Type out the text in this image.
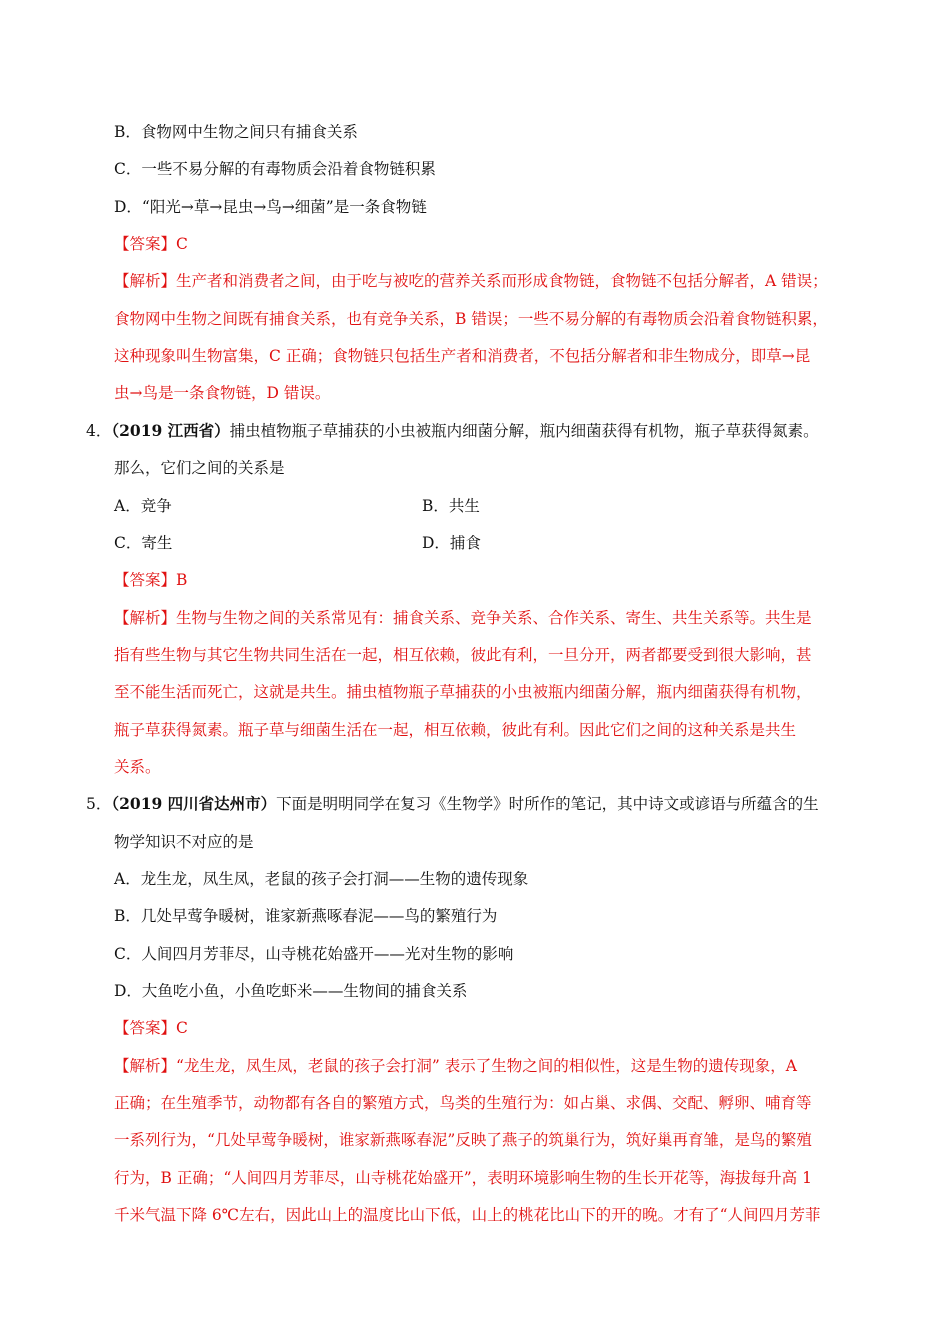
B．食物网中生物之间只有捕食关系
C．一些不易分解的有毒物质会沿着食物链积累
D．“阳光→草→昆虫→鸟→细菌”是一条食物链
【答案】C
【解析】生产者和消费者之间，由于吃与被吃的营养关系而形成食物链，食物链不包括分解者，A 错误；
食物网中生物之间既有捕食关系，也有竞争关系，B 错误；一些不易分解的有毒物质会沿着食物链积累，
这种现象叫生物富集，C 正确；食物链只包括生产者和消费者，不包括分解者和非生物成分，即草→昆
虫→鸟是一条食物链，D 错误。
4．（2019 江西省）捕虫植物瓶子草捕获的小虫被瓶内细菌分解，瓶内细菌获得有机物，瓶子草获得氮素。
那么，它们之间的关系是
A．竞争	B．共生
C．寄生	D．捕食
【答案】B
【解析】生物与生物之间的关系常见有：捕食关系、竞争关系、合作关系、寄生、共生关系等。共生是
指有些生物与其它生物共同生活在一起，相互依赖，彼此有利，一旦分开，两者都要受到很大影响，甚
至不能生活而死亡，这就是共生。捕虫植物瓶子草捕获的小虫被瓶内细菌分解，瓶内细菌获得有机物，
瓶子草获得氮素。瓶子草与细菌生活在一起，相互依赖，彼此有利。因此它们之间的这种关系是共生
关系。
5．（2019 四川省达州市）下面是明明同学在复习《生物学》时所作的笔记，其中诗文或谚语与所蕴含的生
物学知识不对应的是
A．龙生龙，凤生凤，老鼠的孩子会打洞——生物的遗传现象
B．几处早莺争暖树，谁家新燕啄春泥——鸟的繁殖行为
C．人间四月芳菲尽，山寺桃花始盛开——光对生物的影响
D．大鱼吃小鱼，小鱼吃虾米——生物间的捕食关系
【答案】C
【解析】“龙生龙，凤生凤，老鼠的孩子会打洞” 表示了生物之间的相似性，这是生物的遗传现象，A
正确；在生殖季节，动物都有各自的繁殖方式，鸟类的生殖行为：如占巢、求偶、交配、孵卵、哺育等
一系列行为，“几处早莺争暖树，谁家新燕啄春泥”反映了燕子的筑巢行为，筑好巢再育雏，是鸟的繁殖
行为，B 正确；“人间四月芳菲尽，山寺桃花始盛开”，表明环境影响生物的生长开花等，海拔每升高 1
千米气温下降 6℃左右，因此山上的温度比山下低，山上的桃花比山下的开的晚。才有了“人间四月芳菲
